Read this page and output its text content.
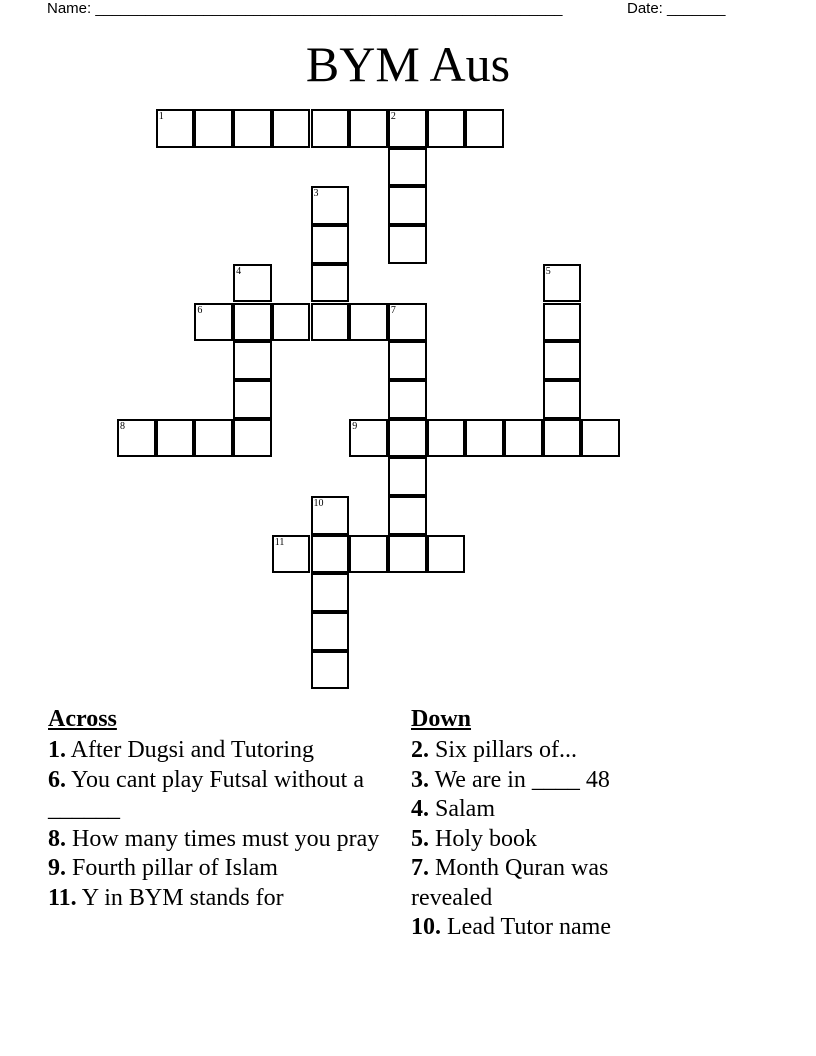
Name: ________________________________________________________	Date: _______
BYM Aus
1	2
3
4	5
6	7
8	9
10
11
Across
1. After Dugsi and Tutoring
6. You cant play Futsal without a ______
8. How many times must you pray
9. Fourth pillar of Islam
11. Y in BYM stands for
Down
2. Six pillars of...
3. We are in ____ 48
4. Salam
5. Holy book
7. Month Quran was revealed
10. Lead Tutor name
